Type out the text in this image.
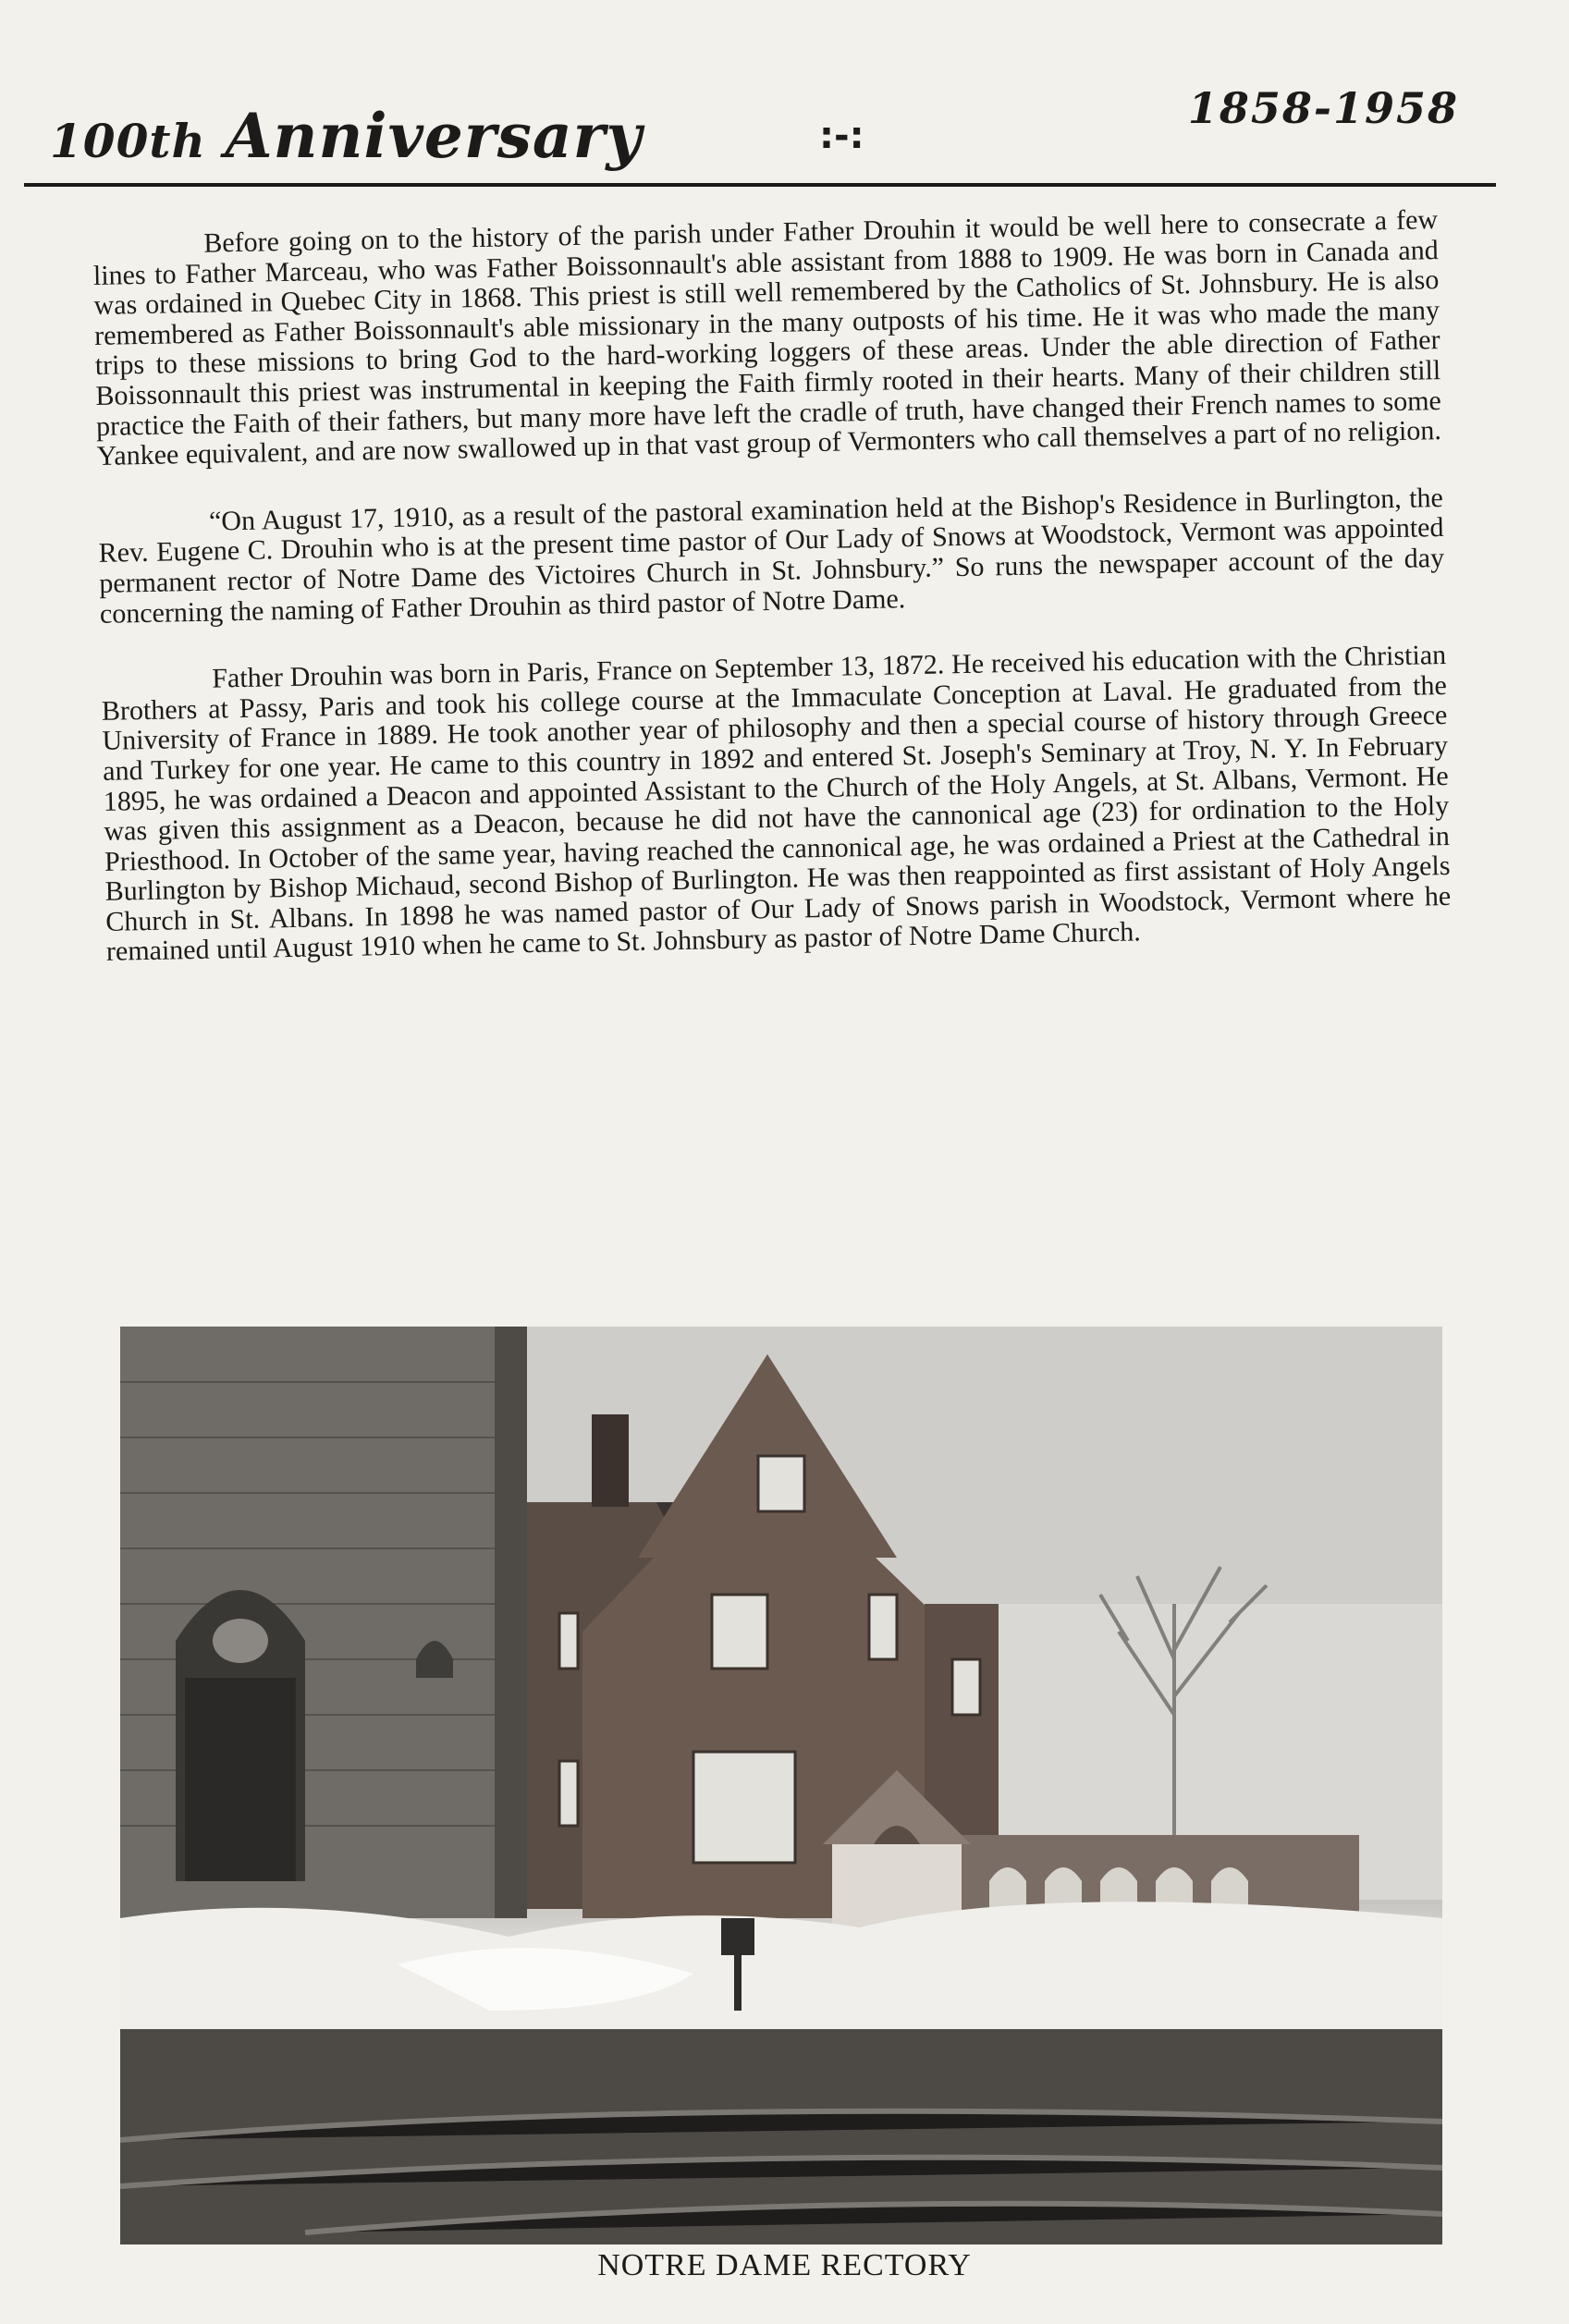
100th Anniversary	:-:
1858-1958

Before going on to the history of the parish under Father Drouhin it would be well here to consecrate a few lines to Father Marceau, who was Father Boissonnault's able assistant from 1888 to 1909. He was born in Canada and was ordained in Quebec City in 1868. This priest is still well remembered by the Catholics of St. Johnsbury. He is also remembered as Father Boissonnault's able missionary in the many outposts of his time. He it was who made the many trips to these missions to bring God to the hard-working loggers of these areas. Under the able direction of Father Boissonnault this priest was instrumental in keeping the Faith firmly rooted in their hearts. Many of their children still practice the Faith of their fathers, but many more have left the cradle of truth, have changed their French names to some Yankee equivalent, and are now swallowed up in that vast group of Vermonters who call themselves a part of no religion.

“On August 17, 1910, as a result of the pastoral examination held at the Bishop's Residence in Burlington, the Rev. Eugene C. Drouhin who is at the present time pastor of Our Lady of Snows at Woodstock, Vermont was appointed permanent rector of Notre Dame des Victoires Church in St. Johnsbury.” So runs the newspaper account of the day concerning the naming of Father Drouhin as third pastor of Notre Dame.

Father Drouhin was born in Paris, France on September 13, 1872. He received his education with the Christian Brothers at Passy, Paris and took his college course at the Immaculate Conception at Laval. He graduated from the University of France in 1889. He took another year of philosophy and then a special course of history through Greece and Turkey for one year. He came to this country in 1892 and entered St. Joseph's Seminary at Troy, N. Y. In February 1895, he was ordained a Deacon and appointed Assistant to the Church of the Holy Angels, at St. Albans, Vermont. He was given this assignment as a Deacon, because he did not have the cannonical age (23) for ordination to the Holy Priesthood. In October of the same year, having reached the cannonical age, he was ordained a Priest at the Cathedral in Burlington by Bishop Michaud, second Bishop of Burlington. He was then reappointed as first assistant of Holy Angels Church in St. Albans. In 1898 he was named pastor of Our Lady of Snows parish in Woodstock, Vermont where he remained until August 1910 when he came to St. Johnsbury as pastor of Notre Dame Church.

NOTRE DAME RECTORY
